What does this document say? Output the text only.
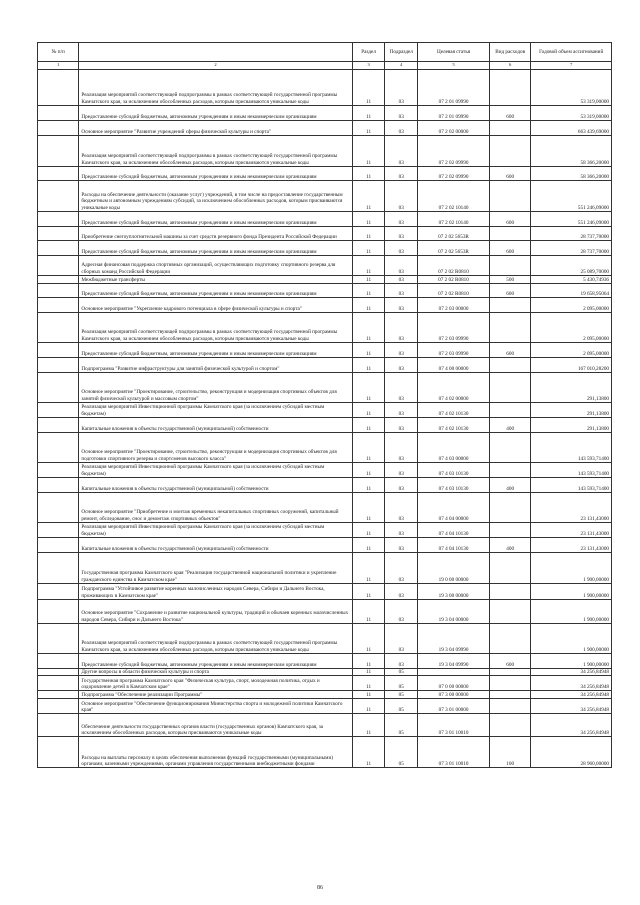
№ п/п		Раздел	Подраздел	Целевая статья	Вид расходов	Годовой объем ассигнований
1	2	3	4	5	6	7
	Реализация мероприятий соответствующей подпрограммы в рамках соответствующей государственной программы Камчатского края, за исключением обособленных расходов, которым присваиваются уникальные коды	11	03	07 2 01 09990		53 319,00000
	Предоставление субсидий бюджетным, автономным учреждениям и иным некоммерческим организациям	11	03	07 2 01 09990	600	53 319,00000
	Основное мероприятие "Развитие учреждений сферы физической культуры и спорта"	11	03	07 2 02 00000		663 439,69000
	Реализация мероприятий соответствующей подпрограммы в рамках соответствующей государственной программы Камчатского края, за исключением обособленных расходов, которым присваиваются уникальные коды	11	03	07 2 02 09990		58 366,20000
	Предоставление субсидий бюджетным, автономным учреждениям и иным некоммерческим организациям	11	03	07 2 02 09990	600	58 366,20000
	Расходы на обеспечение деятельности (оказание услуг) учреждений, в том числе на предоставление государственным бюджетным и автономным учреждениям субсидий, за исключением обособленных расходов, которым присваиваются уникальные коды	11	03	07 2 02 10140		551 246,09000
	Предоставление субсидий бюджетным, автономным учреждениям и иным некоммерческим организациям	11	03	07 2 02 10140	600	551 246,09000
	Приобретение снегоуплотнительной машины за счет средств резервного фонда Президента Российской Федерации	11	03	07 2 02 5653R		28 737,70000
	Предоставление субсидий бюджетным, автономным учреждениям и иным некоммерческим организациям	11	03	07 2 02 5653R	600	28 737,70000
	Адресная финансовая поддержка спортивных организаций, осуществляющих подготовку спортивного резерва для сборных команд Российской Федерации	11	03	07 2 02 R0810		25 089,70000
	Межбюджетные трансферты	11	03	07 2 02 R0810	500	5 430,74936
	Предоставление субсидий бюджетным, автономным учреждениям и иным некоммерческим организациям	11	03	07 2 02 R0810	600	19 658,95064
	Основное мероприятие "Укрепление кадрового потенциала в сфере физической культуры и спорта"	11	03	07 2 03 00000		2 095,00000
	Реализация мероприятий соответствующей подпрограммы в рамках соответствующей государственной программы Камчатского края, за исключением обособленных расходов, которым присваиваются уникальные коды	11	03	07 2 03 09990		2 095,00000
	Предоставление субсидий бюджетным, автономным учреждениям и иным некоммерческим организациям	11	03	07 2 03 09990	600	2 095,00000
	Подпрограмма "Развитие инфраструктуры для занятий физической культурой и спортом"	11	03	07 4 00 00000		167 010,28200
	Основное мероприятие "Проектирование, строительство, реконструкция и модернизация спортивных объектов для занятий физической культурой и массовым спортом"	11	03	07 4 02 00000		291,13800
	Реализация мероприятий Инвестиционной программы Камчатского края (за исключением субсидий местным бюджетам)	11	03	07 4 02 10130		291,13800
	Капитальные вложения в объекты государственной (муниципальной) собственности	11	03	07 4 02 10130	400	291,13800
	Основное мероприятие "Проектирование, строительство, реконструкция и модернизация спортивных объектов для подготовки спортивного резерва и спортсменов высокого класса"	11	03	07 4 03 00000		143 593,71400
	Реализация мероприятий Инвестиционной программы Камчатского края (за исключением субсидий местным бюджетам)	11	03	07 4 03 10130		143 593,71400
	Капитальные вложения в объекты государственной (муниципальной) собственности	11	03	07 4 03 10130	400	143 593,71400
	Основное мероприятие "Приобретение и монтаж временных некапитальных спортивных сооружений, капитальный ремонт, обследование, снос и демонтаж спортивных объектов"	11	03	07 4 04 00000		23 131,43000
	Реализация мероприятий Инвестиционной программы Камчатского края (за исключением субсидий местным бюджетам)	11	03	07 4 04 10130		23 131,43000
	Капитальные вложения в объекты государственной (муниципальной) собственности	11	03	07 4 04 10130	400	23 131,43000
	Государственная программа Камчатского края "Реализация государственной национальной политики и укрепление гражданского единства в Камчатском крае"	11	03	19 0 00 00000		1 900,00000
	Подпрограмма "Устойчивое развитие коренных малочисленных народов Севера, Сибири и Дальнего Востока, проживающих в Камчатском крае"	11	03	19 3 00 00000		1 900,00000
	Основное мероприятие "Сохранение и развитие национальной культуры, традиций и обычаев коренных малочисленных народов Севера, Сибири и Дальнего Востока"	11	03	19 3 04 00000		1 900,00000
	Реализация мероприятий соответствующей подпрограммы в рамках соответствующей государственной программы Камчатского края, за исключением обособленных расходов, которым присваиваются уникальные коды	11	03	19 3 04 09990		1 900,00000
	Предоставление субсидий бюджетным, автономным учреждениям и иным некоммерческим организациям	11	03	19 3 04 09990	600	1 900,00000
	Другие вопросы в области физической культуры и спорта	11	05			34 256,84948
	Государственная программа Камчатского края "Физическая культура, спорт, молодежная политика, отдых и оздоровление детей в Камчатском крае"	11	05	07 0 00 00000		34 256,84948
	Подпрограмма "Обеспечение реализации Программы"	11	05	07 3 00 00000		34 256,84948
	Основное мероприятие "Обеспечение функционирования Министерства спорта и молодежной политики Камчатского края"	11	05	07 3 01 00000		34 256,84948
	Обеспечение деятельности государственных органов власти (государственных органов) Камчатского края, за исключением обособленных расходов, которым присваиваются уникальные коды	11	05	07 3 01 10010		34 256,84948
	Расходы на выплаты персоналу в целях обеспечения выполнения функций государственными (муниципальными) органами, казенными учреждениями, органами управления государственными внебюджетными фондами	11	05	07 3 01 10010	100	28 960,00000
86
